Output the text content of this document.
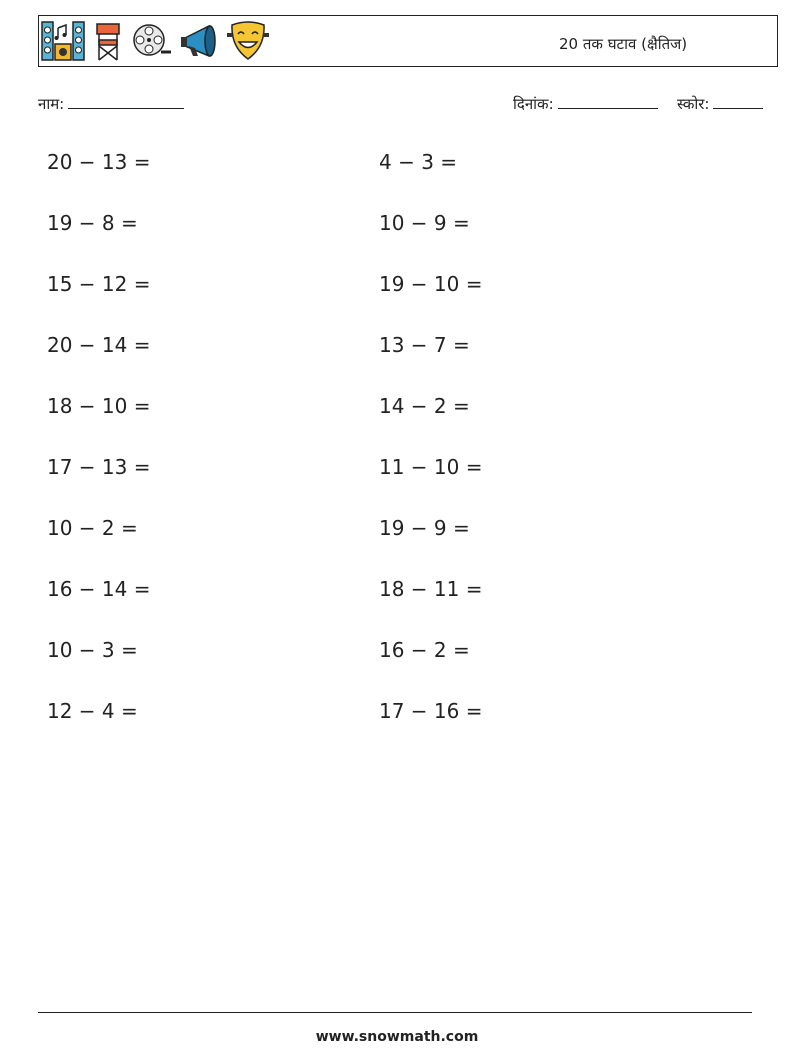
20 तक घटाव (क्षैतिज)
नाम:	दिनांक:	स्कोर:
20 − 13 =
19 − 8 =
15 − 12 =
20 − 14 =
18 − 10 =
17 − 13 =
10 − 2 =
16 − 14 =
10 − 3 =
12 − 4 =
4 − 3 =
10 − 9 =
19 − 10 =
13 − 7 =
14 − 2 =
11 − 10 =
19 − 9 =
18 − 11 =
16 − 2 =
17 − 16 =
www.snowmath.com
